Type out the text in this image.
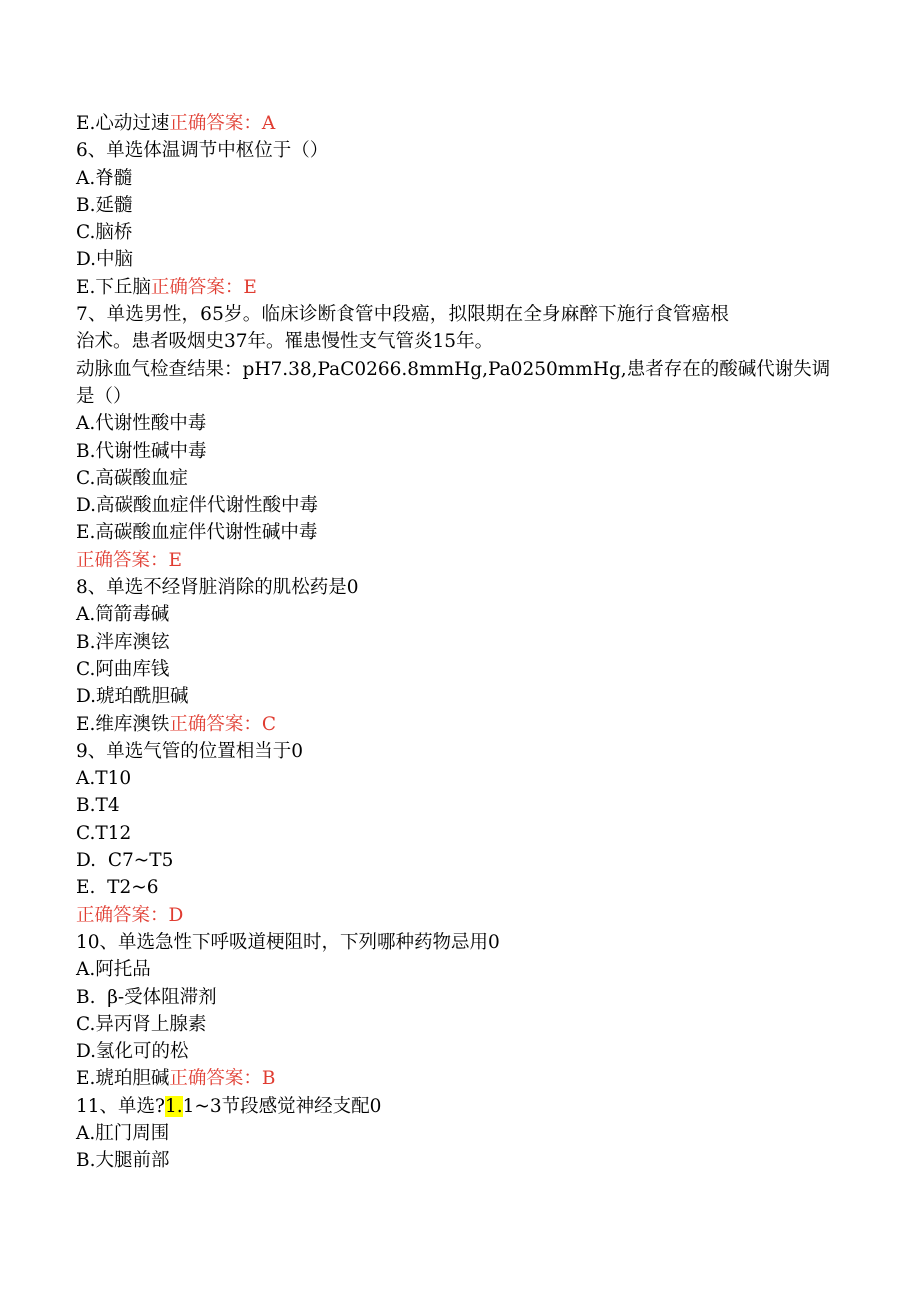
E.心动过速正确答案：A
6、单选体温调节中枢位于（）
A.脊髓
B.延髓
C.脑桥
D.中脑
E.下丘脑正确答案：E
7、单选男性，65岁。临床诊断食管中段癌，拟限期在全身麻醉下施行食管癌根
治术。患者吸烟史37年。罹患慢性支气管炎15年。
动脉血气检查结果：pH7.38,PaC0266.8mmHg,Pa0250mmHg,患者存在的酸碱代谢失调
是（）
A.代谢性酸中毒
B.代谢性碱中毒
C.高碳酸血症
D.高碳酸血症伴代谢性酸中毒
E.高碳酸血症伴代谢性碱中毒
正确答案：E
8、单选不经肾脏消除的肌松药是0
A.筒箭毒碱
B.泮库澳铉
C.阿曲库钱
D.琥珀酰胆碱
E.维库澳铁正确答案：C
9、单选气管的位置相当于0
A.T10
B.T4
C.T12
D.  C7~T5
E.  T2~6
正确答案：D
10、单选急性下呼吸道梗阻时，下列哪种药物忌用0
A.阿托品
B.  β-受体阻滞剂
C.异丙肾上腺素
D.氢化可的松
E.琥珀胆碱正确答案：B
11、单选?1.1~3节段感觉神经支配0
A.肛门周围
B.大腿前部
